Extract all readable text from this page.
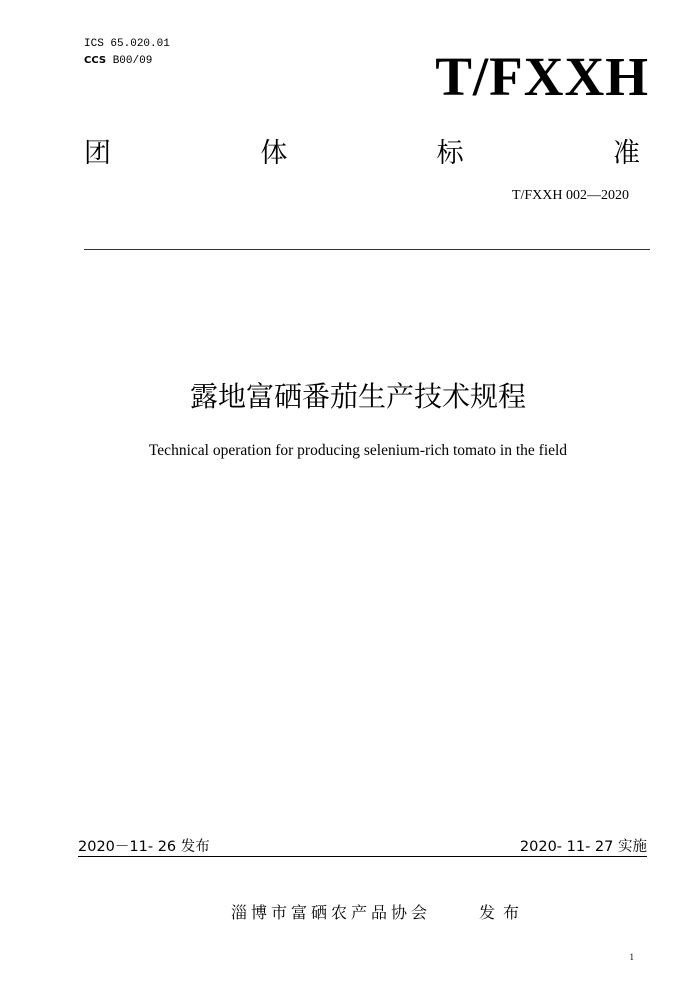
ICS 65.020.01
CCS B00/09	T/FXXH
团	体	标	准
T/FXXH 002—2020
露地富硒番茄生产技术规程
Technical operation for producing selenium-rich tomato in the field
2020－11- 26 发布	2020- 11- 27 实施
淄博市富硒农产品协会	发布
1
